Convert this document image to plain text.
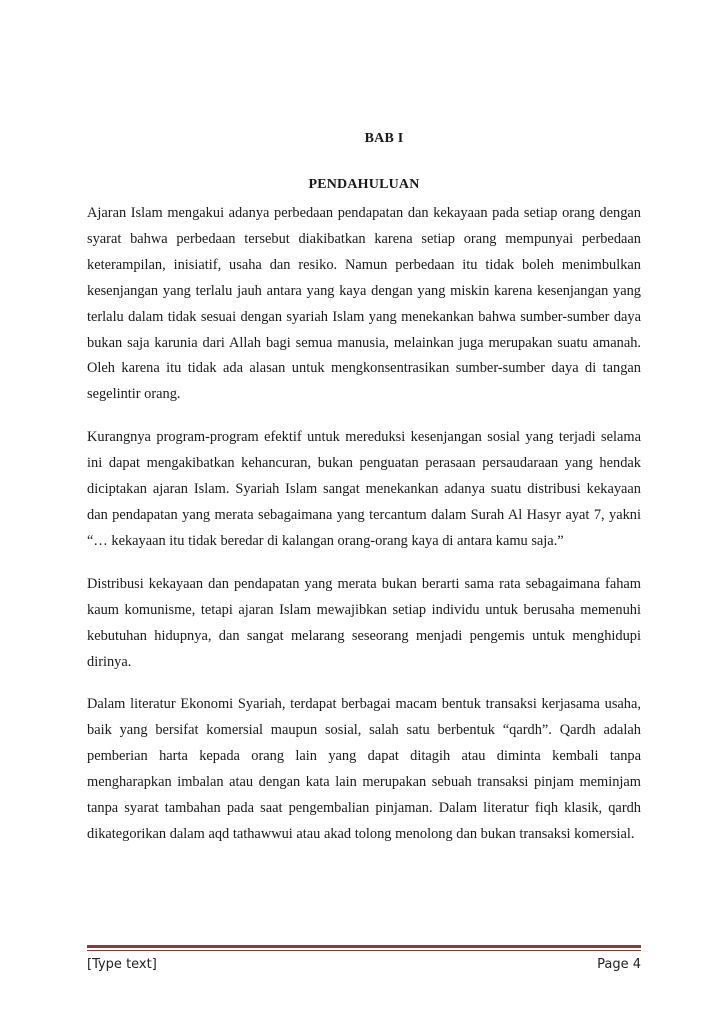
BAB I
PENDAHULUAN

Ajaran Islam mengakui adanya perbedaan pendapatan dan kekayaan pada setiap orang dengan syarat bahwa perbedaan tersebut diakibatkan karena setiap orang mempunyai perbedaan keterampilan, inisiatif, usaha dan resiko. Namun perbedaan itu tidak boleh menimbulkan kesenjangan yang terlalu jauh antara yang kaya dengan yang miskin karena kesenjangan yang terlalu dalam tidak sesuai dengan syariah Islam yang menekankan bahwa sumber-sumber daya bukan saja karunia dari Allah bagi semua manusia, melainkan juga merupakan suatu amanah. Oleh karena itu tidak ada alasan untuk mengkonsentrasikan sumber-sumber daya di tangan segelintir orang.

Kurangnya program-program efektif untuk mereduksi kesenjangan sosial yang terjadi selama ini dapat mengakibatkan kehancuran, bukan penguatan perasaan persaudaraan yang hendak diciptakan ajaran Islam. Syariah Islam sangat menekankan adanya suatu distribusi kekayaan dan pendapatan yang merata sebagaimana yang tercantum dalam Surah Al Hasyr ayat 7, yakni “… kekayaan itu tidak beredar di kalangan orang-orang kaya di antara kamu saja.”

Distribusi kekayaan dan pendapatan yang merata bukan berarti sama rata sebagaimana faham kaum komunisme, tetapi ajaran Islam mewajibkan setiap individu untuk berusaha memenuhi kebutuhan hidupnya, dan sangat melarang seseorang menjadi pengemis untuk menghidupi dirinya.

Dalam literatur Ekonomi Syariah, terdapat berbagai macam bentuk transaksi kerjasama usaha, baik yang bersifat komersial maupun sosial, salah satu berbentuk “qardh”. Qardh adalah pemberian harta kepada orang lain yang dapat ditagih atau diminta kembali tanpa mengharapkan imbalan atau dengan kata lain merupakan sebuah transaksi pinjam meminjam tanpa syarat tambahan pada saat pengembalian pinjaman. Dalam literatur fiqh klasik, qardh dikategorikan dalam aqd tathawwui atau akad tolong menolong dan bukan transaksi komersial.

[Type text]	Page 4
